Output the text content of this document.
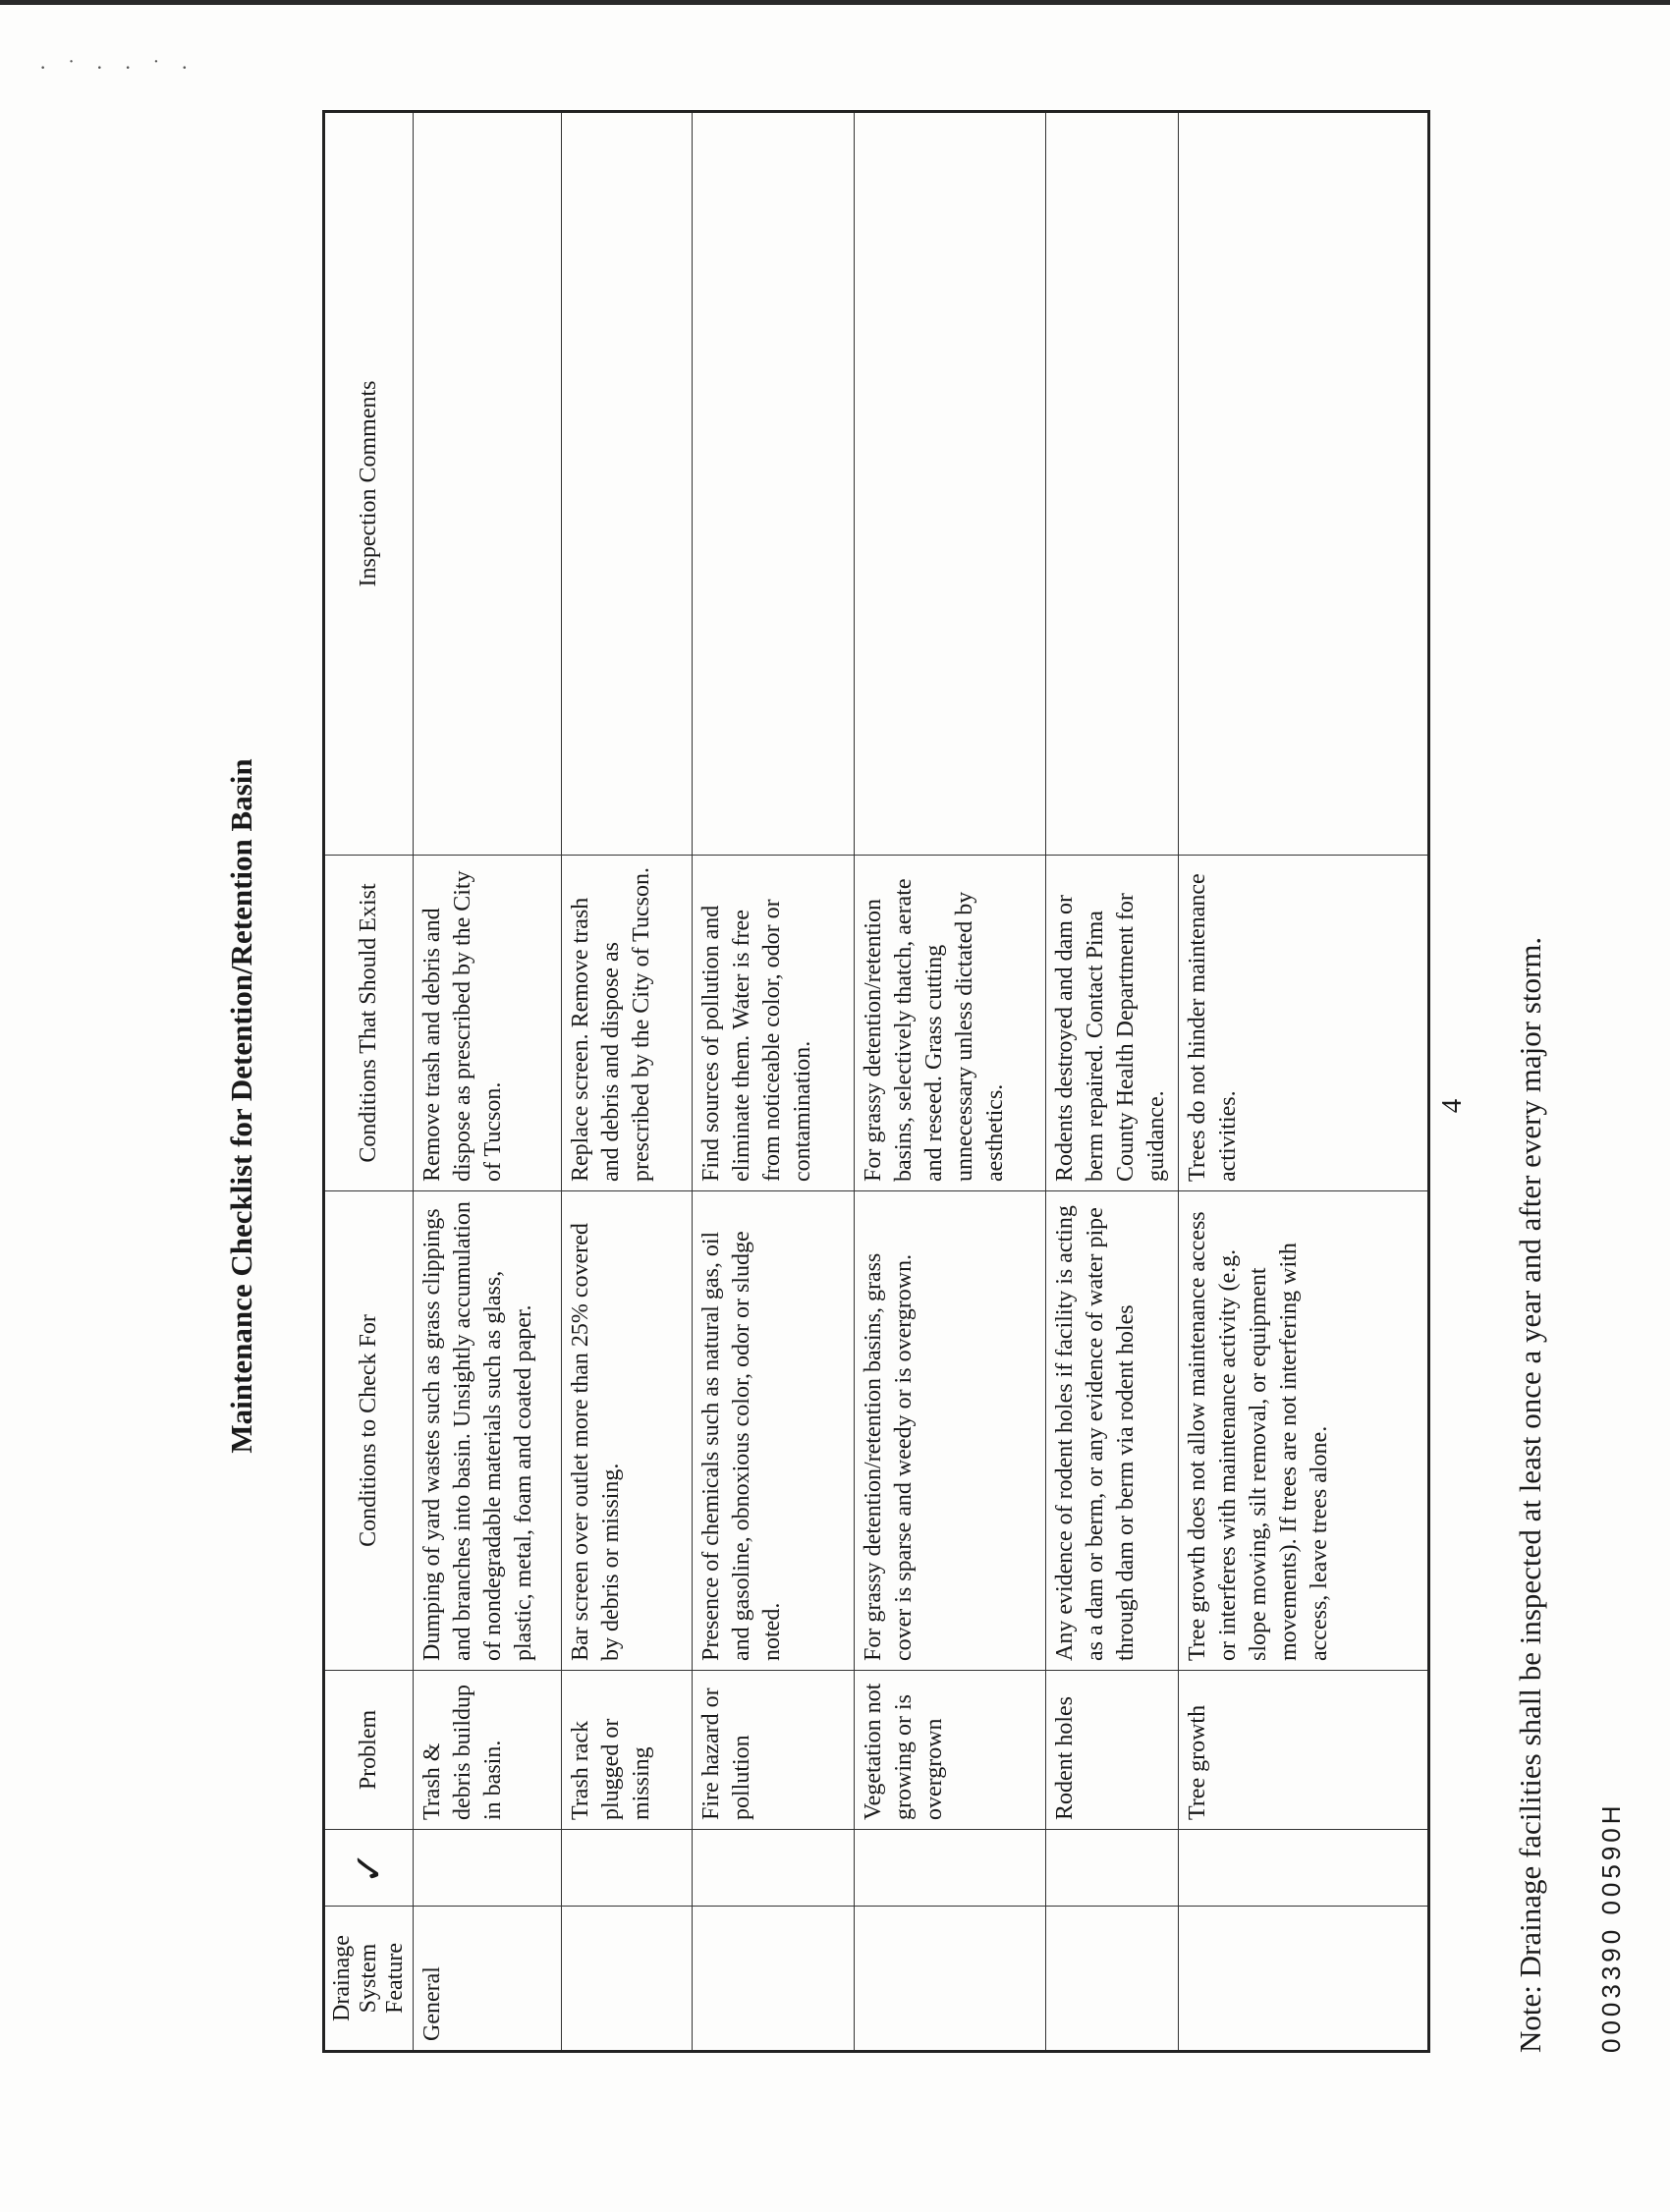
· ˙ · · ˙ ·
Maintenance Checklist for Detention/Retention Basin
Drainage System Feature	✓	Problem	Conditions to Check For	Conditions That Should Exist	Inspection Comments
General		Trash & debris buildup in basin.	Dumping of yard wastes such as grass clippings and branches into basin. Unsightly accumulation of nondegradable materials such as glass, plastic, metal, foam and coated paper.	Remove trash and debris and dispose as prescribed by the City of Tucson.	
		Trash rack plugged or missing	Bar screen over outlet more than 25% covered by debris or missing.	Replace screen. Remove trash and debris and dispose as prescribed by the City of Tucson.	
		Fire hazard or pollution	Presence of chemicals such as natural gas, oil and gasoline, obnoxious color, odor or sludge noted.	Find sources of pollution and eliminate them. Water is free from noticeable color, odor or contamination.	
		Vegetation not growing or is overgrown	For grassy detention/retention basins, grass cover is sparse and weedy or is overgrown.	For grassy detention/retention basins, selectively thatch, aerate and reseed. Grass cutting unnecessary unless dictated by aesthetics.	
		Rodent holes	Any evidence of rodent holes if facility is acting as a dam or berm, or any evidence of water pipe through dam or berm via rodent holes	Rodents destroyed and dam or berm repaired. Contact Pima County Health Department for guidance.	
		Tree growth	Tree growth does not allow maintenance access or interferes with maintenance activity (e.g. slope mowing, silt removal, or equipment movements). If trees are not interfering with access, leave trees alone.	Trees do not hinder maintenance activities.		4 Note: Drainage facilities shall be inspected at least once a year and after every major storm. 0003390 00590H
